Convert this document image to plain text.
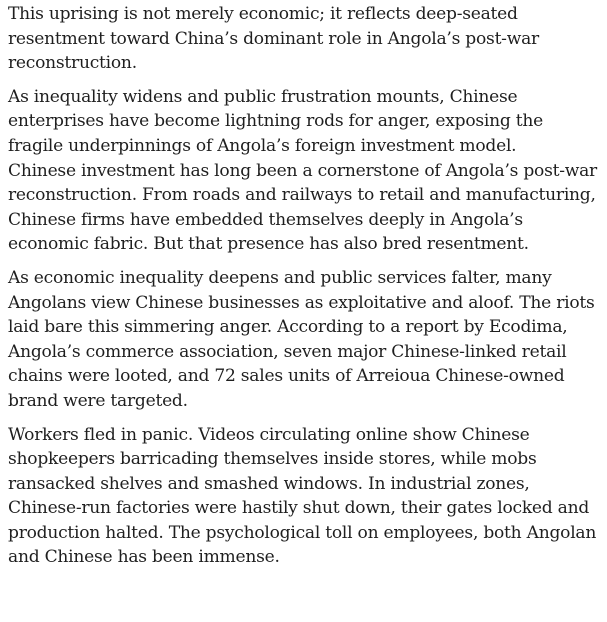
This uprising is not merely economic; it reflects deep-seated resentment toward China’s dominant role in Angola’s post-war reconstruction.

As inequality widens and public frustration mounts, Chinese enterprises have become lightning rods for anger, exposing the fragile underpinnings of Angola’s foreign investment model.

Chinese investment has long been a cornerstone of Angola’s post-war reconstruction. From roads and railways to retail and manufacturing, Chinese firms have embedded themselves deeply in Angola’s economic fabric. But that presence has also bred resentment.

As economic inequality deepens and public services falter, many Angolans view Chinese businesses as exploitative and aloof. The riots laid bare this simmering anger. According to a report by Ecodima, Angola’s commerce association, seven major Chinese-linked retail chains were looted, and 72 sales units of Arreioua Chinese-owned brand were targeted.

Workers fled in panic. Videos circulating online show Chinese shopkeepers barricading themselves inside stores, while mobs ransacked shelves and smashed windows. In industrial zones, Chinese-run factories were hastily shut down, their gates locked and production halted. The psychological toll on employees, both Angolan and Chinese has been immense.
